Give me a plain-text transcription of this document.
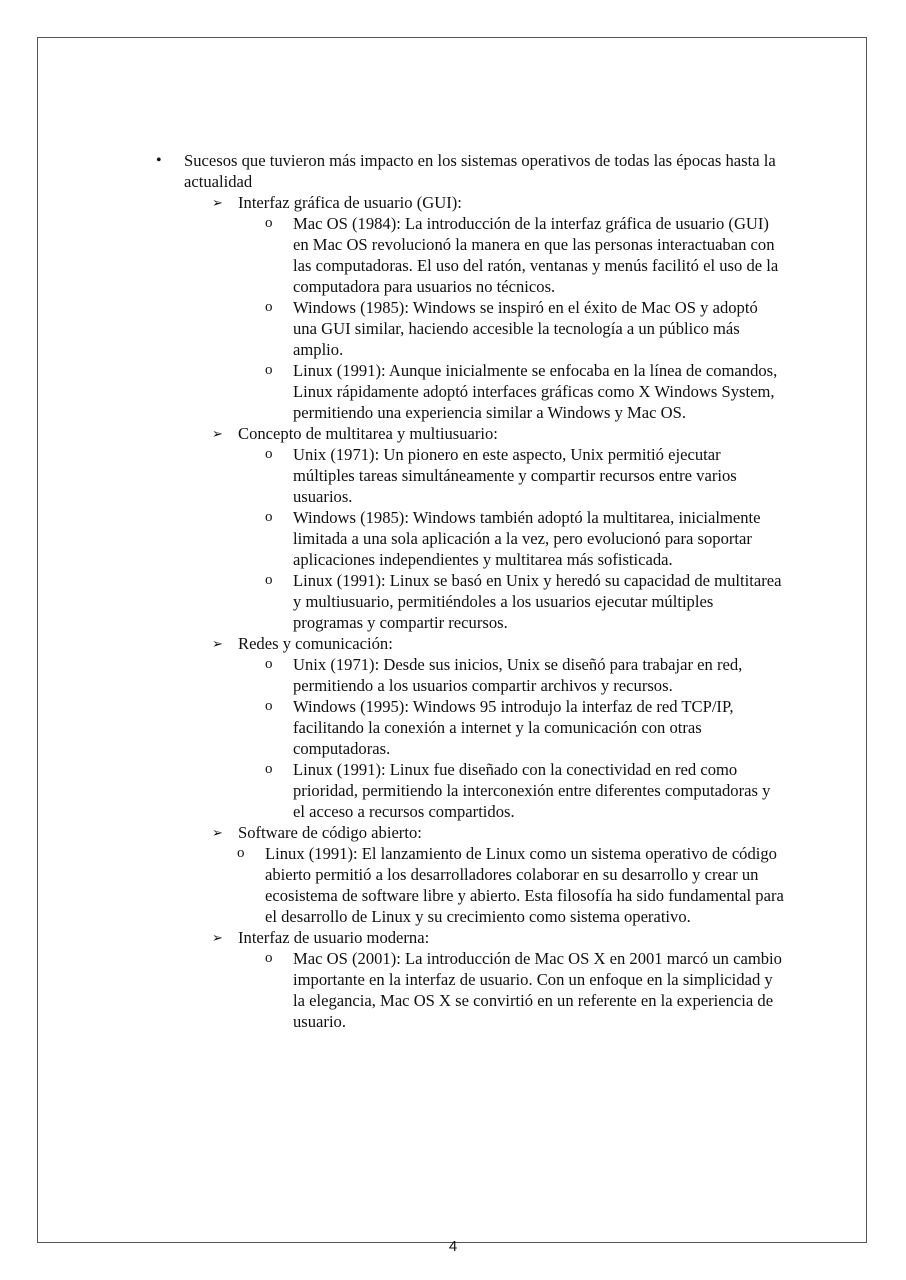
• Sucesos que tuvieron más impacto en los sistemas operativos de todas las épocas hasta la actualidad
➢ Interfaz gráfica de usuario (GUI):
o Mac OS (1984): La introducción de la interfaz gráfica de usuario (GUI) en Mac OS revolucionó la manera en que las personas interactuaban con las computadoras. El uso del ratón, ventanas y menús facilitó el uso de la computadora para usuarios no técnicos.
o Windows (1985): Windows se inspiró en el éxito de Mac OS y adoptó una GUI similar, haciendo accesible la tecnología a un público más amplio.
o Linux (1991): Aunque inicialmente se enfocaba en la línea de comandos, Linux rápidamente adoptó interfaces gráficas como X Windows System, permitiendo una experiencia similar a Windows y Mac OS.
➢ Concepto de multitarea y multiusuario:
o Unix (1971): Un pionero en este aspecto, Unix permitió ejecutar múltiples tareas simultáneamente y compartir recursos entre varios usuarios.
o Windows (1985): Windows también adoptó la multitarea, inicialmente limitada a una sola aplicación a la vez, pero evolucionó para soportar aplicaciones independientes y multitarea más sofisticada.
o Linux (1991): Linux se basó en Unix y heredó su capacidad de multitarea y multiusuario, permitiéndoles a los usuarios ejecutar múltiples programas y compartir recursos.
➢ Redes y comunicación:
o Unix (1971): Desde sus inicios, Unix se diseñó para trabajar en red, permitiendo a los usuarios compartir archivos y recursos.
o Windows (1995): Windows 95 introdujo la interfaz de red TCP/IP, facilitando la conexión a internet y la comunicación con otras computadoras.
o Linux (1991): Linux fue diseñado con la conectividad en red como prioridad, permitiendo la interconexión entre diferentes computadoras y el acceso a recursos compartidos.
➢ Software de código abierto:
o Linux (1991): El lanzamiento de Linux como un sistema operativo de código abierto permitió a los desarrolladores colaborar en su desarrollo y crear un ecosistema de software libre y abierto. Esta filosofía ha sido fundamental para el desarrollo de Linux y su crecimiento como sistema operativo.
➢ Interfaz de usuario moderna:
o Mac OS (2001): La introducción de Mac OS X en 2001 marcó un cambio importante en la interfaz de usuario. Con un enfoque en la simplicidad y la elegancia, Mac OS X se convirtió en un referente en la experiencia de usuario.
4
